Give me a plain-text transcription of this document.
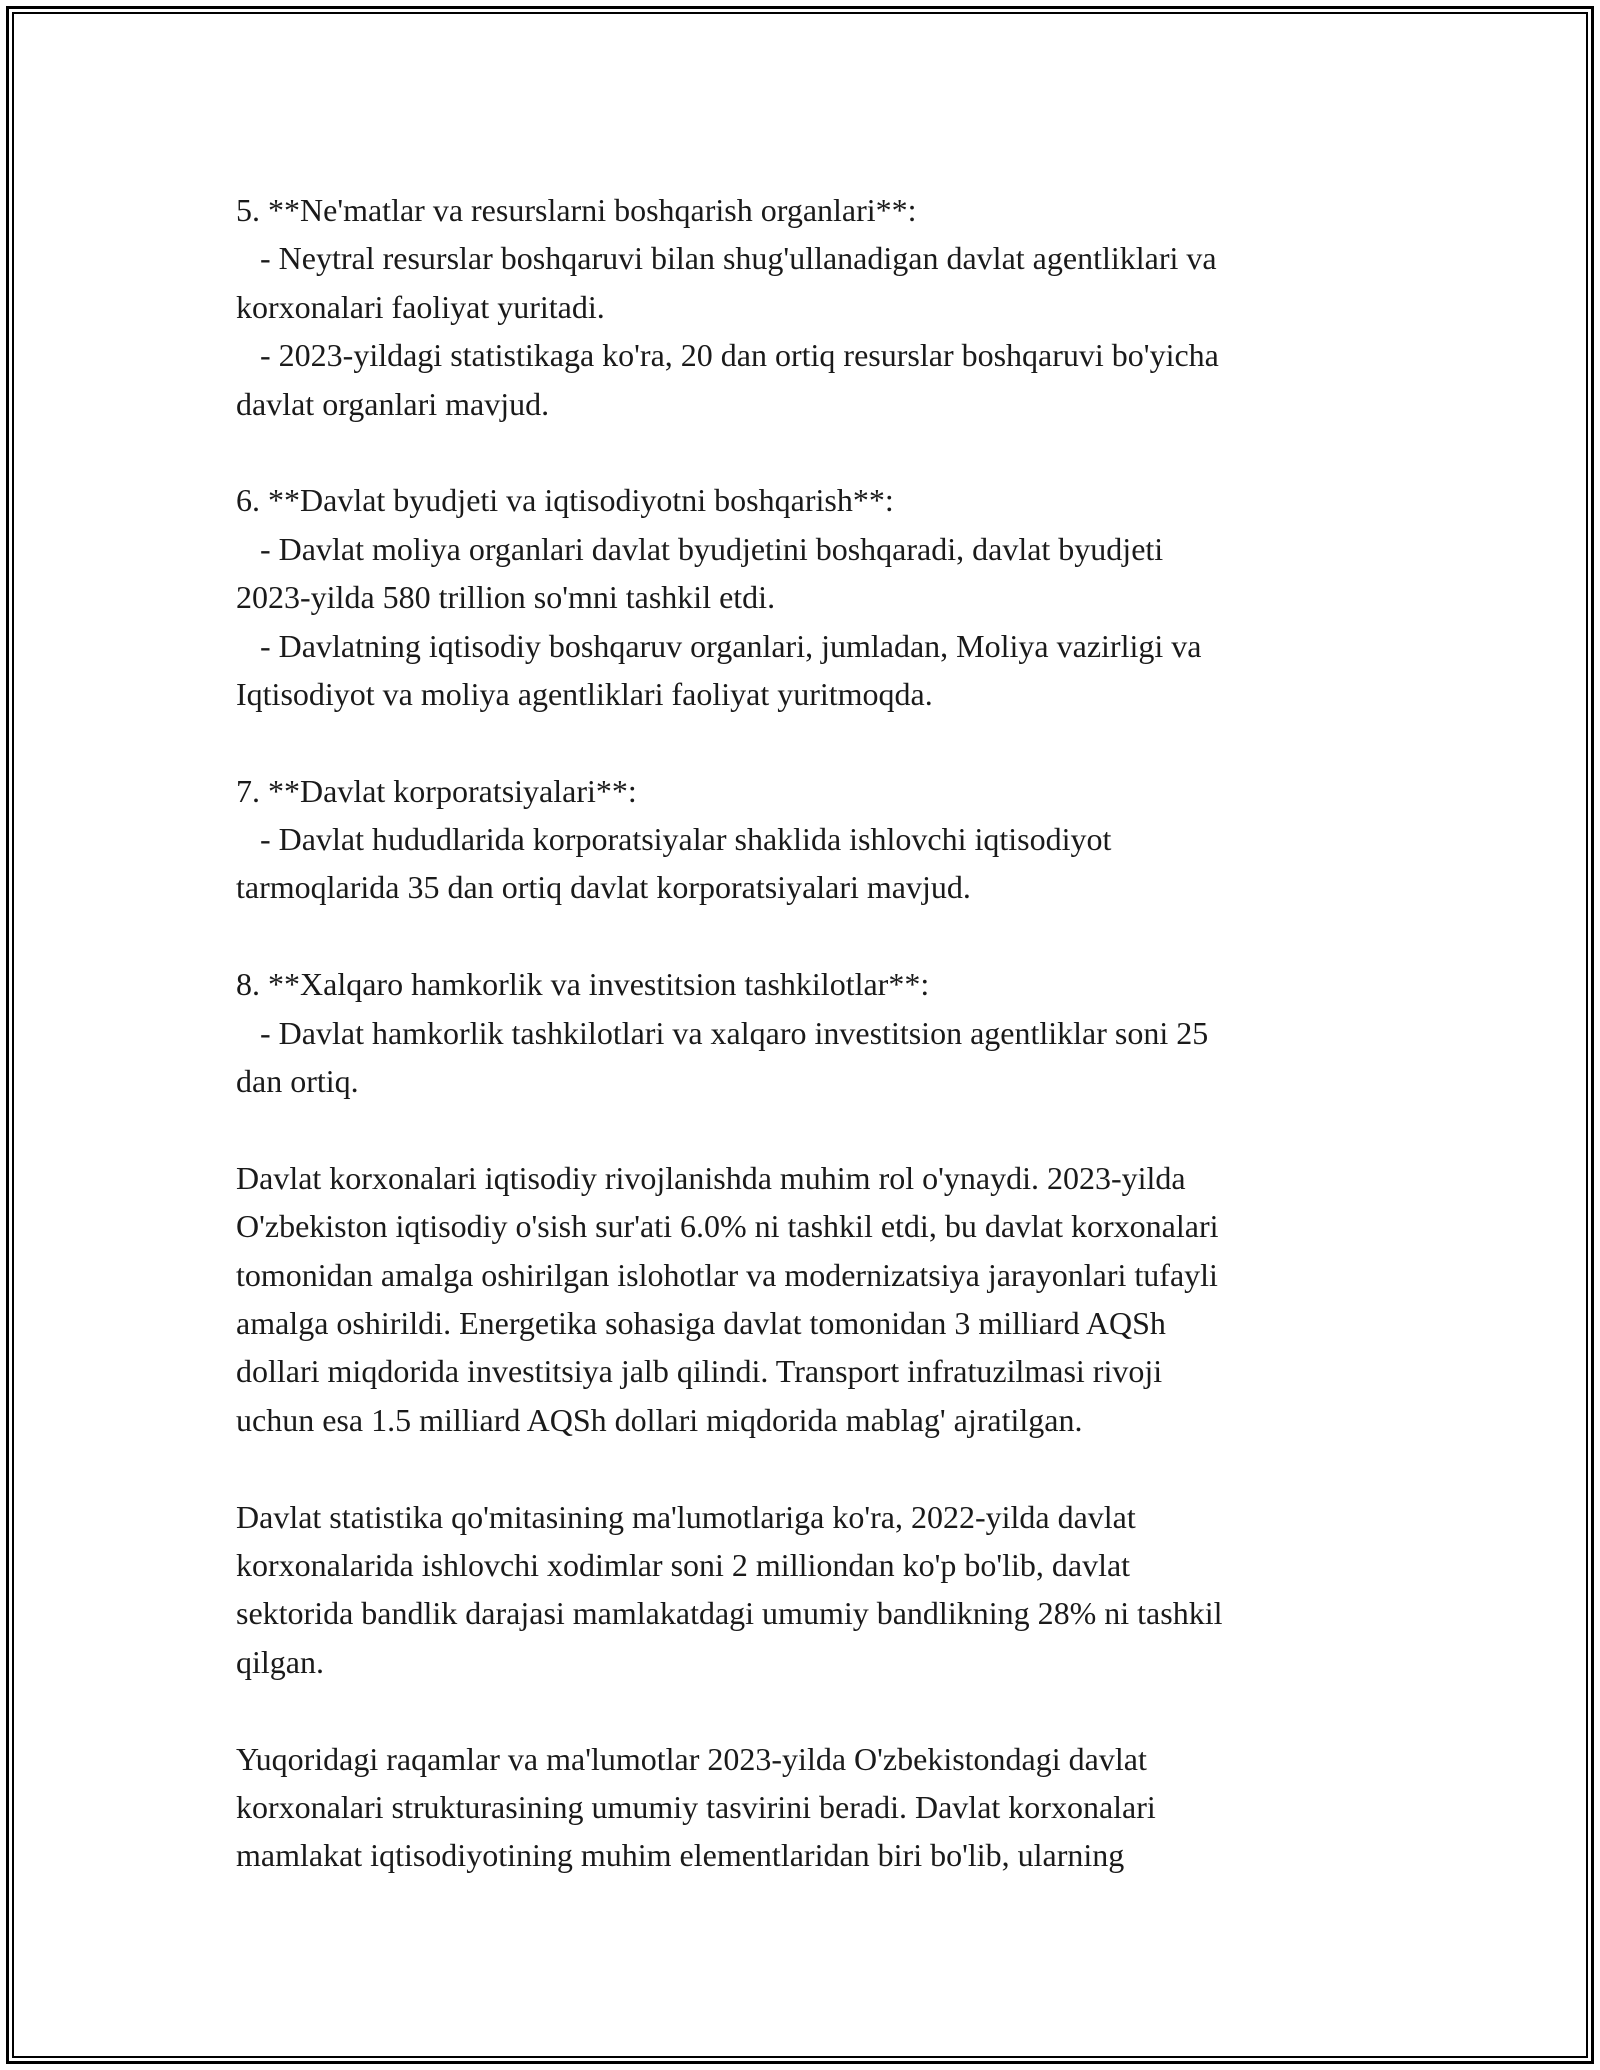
5. **Ne'matlar va resurslarni boshqarish organlari**:
- Neytral resurslar boshqaruvi bilan shug'ullanadigan davlat agentliklari va
korxonalari faoliyat yuritadi.
- 2023-yildagi statistikaga ko'ra, 20 dan ortiq resurslar boshqaruvi bo'yicha
davlat organlari mavjud.
6. **Davlat byudjeti va iqtisodiyotni boshqarish**:
- Davlat moliya organlari davlat byudjetini boshqaradi, davlat byudjeti
2023-yilda 580 trillion so'mni tashkil etdi.
- Davlatning iqtisodiy boshqaruv organlari, jumladan, Moliya vazirligi va
Iqtisodiyot va moliya agentliklari faoliyat yuritmoqda.
7. **Davlat korporatsiyalari**:
- Davlat hududlarida korporatsiyalar shaklida ishlovchi iqtisodiyot
tarmoqlarida 35 dan ortiq davlat korporatsiyalari mavjud.
8. **Xalqaro hamkorlik va investitsion tashkilotlar**:
- Davlat hamkorlik tashkilotlari va xalqaro investitsion agentliklar soni 25
dan ortiq.
Davlat korxonalari iqtisodiy rivojlanishda muhim rol o'ynaydi. 2023-yilda
O'zbekiston iqtisodiy o'sish sur'ati 6.0% ni tashkil etdi, bu davlat korxonalari
tomonidan amalga oshirilgan islohotlar va modernizatsiya jarayonlari tufayli
amalga oshirildi. Energetika sohasiga davlat tomonidan 3 milliard AQSh
dollari miqdorida investitsiya jalb qilindi. Transport infratuzilmasi rivoji
uchun esa 1.5 milliard AQSh dollari miqdorida mablag' ajratilgan.
Davlat statistika qo'mitasining ma'lumotlariga ko'ra, 2022-yilda davlat
korxonalarida ishlovchi xodimlar soni 2 milliondan ko'p bo'lib, davlat
sektorida bandlik darajasi mamlakatdagi umumiy bandlikning 28% ni tashkil
qilgan.
Yuqoridagi raqamlar va ma'lumotlar 2023-yilda O'zbekistondagi davlat
korxonalari strukturasining umumiy tasvirini beradi. Davlat korxonalari
mamlakat iqtisodiyotining muhim elementlaridan biri bo'lib, ularning
